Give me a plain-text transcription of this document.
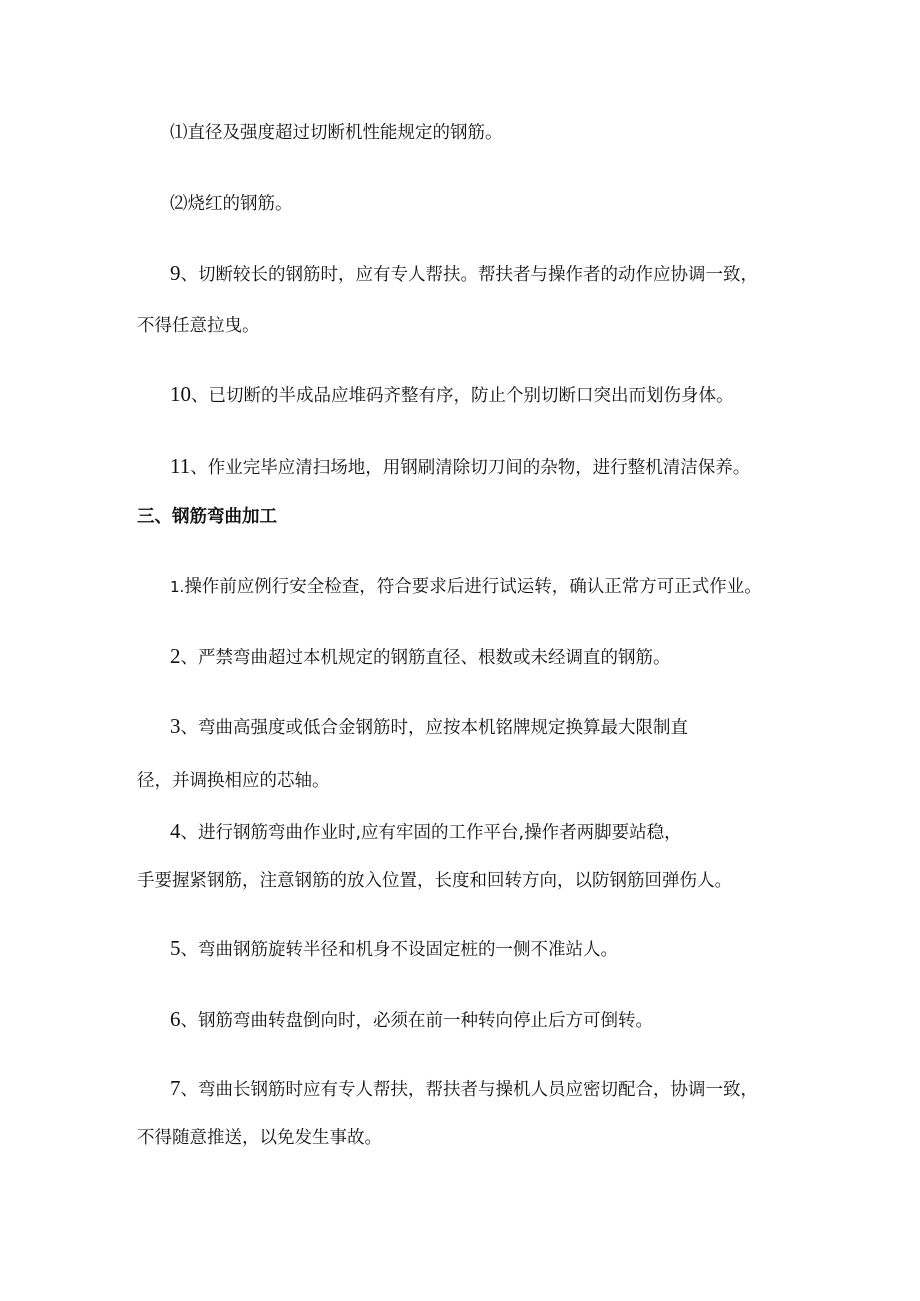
⑴直径及强度超过切断机性能规定的钢筋。

⑵烧红的钢筋。

9、切断较长的钢筋时，应有专人帮扶。帮扶者与操作者的动作应协调一致，

不得任意拉曳。

10、已切断的半成品应堆码齐整有序，防止个别切断口突出而划伤身体。

11、作业完毕应清扫场地，用钢刷清除切刀间的杂物，进行整机清洁保养。

三、钢筋弯曲加工

1.操作前应例行安全检查，符合要求后进行试运转，确认正常方可正式作业。

2、严禁弯曲超过本机规定的钢筋直径、根数或未经调直的钢筋。

3、弯曲高强度或低合金钢筋时，应按本机铭牌规定换算最大限制直

径，并调换相应的芯轴。

4、进行钢筋弯曲作业时,应有牢固的工作平台,操作者两脚要站稳，

手要握紧钢筋，注意钢筋的放入位置，长度和回转方向，以防钢筋回弹伤人。

5、弯曲钢筋旋转半径和机身不设固定桩的一侧不准站人。

6、钢筋弯曲转盘倒向时，必须在前一种转向停止后方可倒转。

7、弯曲长钢筋时应有专人帮扶，帮扶者与操机人员应密切配合，协调一致，

不得随意推送，以免发生事故。
